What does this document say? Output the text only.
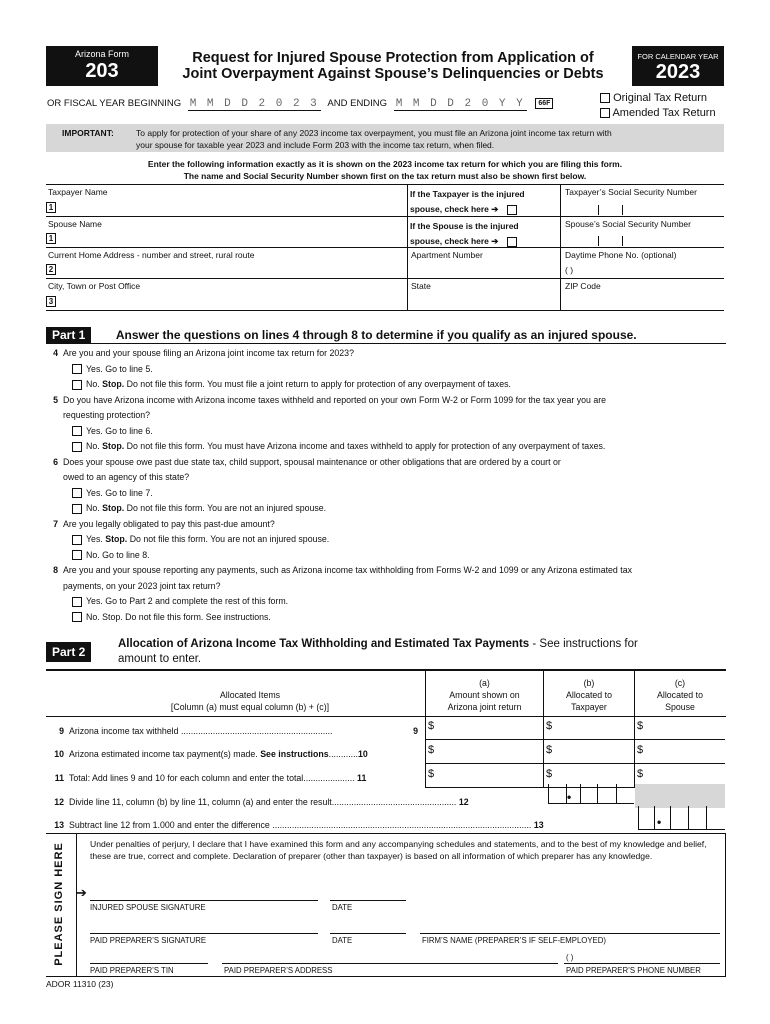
Arizona Form
203
Request for Injured Spouse Protection from Application of
Joint Overpayment Against Spouse’s Delinquencies or Debts
FOR CALENDAR YEAR
2023
OR FISCAL YEAR BEGINNING M M D D 2 0 2 3 AND ENDING M M D D 2 0 Y Y 66F	Original Tax Return
Amended Tax Return
IMPORTANT:	To apply for protection of your share of any 2023 income tax overpayment, you must file an Arizona joint income tax return with
your spouse for taxable year 2023 and include Form 203 with the income tax return, when filed.
Enter the following information exactly as it is shown on the 2023 income tax return for which you are filing this form.
The name and Social Security Number shown first on the tax return must also be shown first below.
Taxpayer Name
1
If the Taxpayer is the injured
spouse, check here ➔
Taxpayer’s Social Security Number
Spouse Name
1
If the Spouse is the injured
spouse, check here ➔
Spouse’s Social Security Number
Current Home Address - number and street, rural route
2
Apartment Number	Daytime Phone No. (optional)
( )
City, Town or Post Office
3
State	ZIP Code
Part 1	Answer the questions on lines 4 through 8 to determine if you qualify as an injured spouse.
4 Are you and your spouse filing an Arizona joint income tax return for 2023?
Yes. Go to line 5.
No. Stop. Do not file this form. You must file a joint return to apply for protection of any overpayment of taxes.
5 Do you have Arizona income with Arizona income taxes withheld and reported on your own Form W-2 or Form 1099 for the tax year you are
requesting protection?
Yes. Go to line 6.
No. Stop. Do not file this form. You must have Arizona income and taxes withheld to apply for protection of any overpayment of taxes.
6 Does your spouse owe past due state tax, child support, spousal maintenance or other obligations that are ordered by a court or
owed to an agency of this state?
Yes. Go to line 7.
No. Stop. Do not file this form. You are not an injured spouse.
7 Are you legally obligated to pay this past-due amount?
Yes. Stop. Do not file this form. You are not an injured spouse.
No. Go to line 8.
8 Are you and your spouse reporting any payments, such as Arizona income tax withholding from Forms W-2 and 1099 or any Arizona estimated tax
payments, on your 2023 joint tax return?
Yes. Go to Part 2 and complete the rest of this form.
No. Stop. Do not file this form. See instructions.
Part 2
Allocation of Arizona Income Tax Withholding and Estimated Tax Payments - See instructions for
amount to enter.
Allocated Items
[Column (a) must equal column (b) + (c)]
(a)
Amount shown on
Arizona joint return
(b)
Allocated to
Taxpayer
(c)
Allocated to
Spouse
9 Arizona income tax withheld ..............................................................	9 $	$	$
10 Arizona estimated income tax payment(s) made. See instructions............10	$	$	$
11 Total: Add lines 9 and 10 for each column and enter the total..................... 11	$	$	$
12 Divide line 11, column (b) by line 11, column (a) and enter the result................................................... 12	•
13 Subtract line 12 from 1.000 and enter the difference .......................................................................................................... 13	•
PLEASE SIGN HERE	Under penalties of perjury, I declare that I have examined this form and any accompanying schedules and statements, and to the best of my knowledge and belief, these are true, correct and complete. Declaration of preparer (other than taxpayer) is based on all information of which preparer has any knowledge.
➔
INJURED SPOUSE SIGNATURE	DATE
PAID PREPARER’S SIGNATURE	DATE	FIRM’S NAME (PREPARER’S IF SELF-EMPLOYED)
( )
PAID PREPARER’S TIN	PAID PREPARER’S ADDRESS	PAID PREPARER’S PHONE NUMBER
ADOR 11310 (23)
